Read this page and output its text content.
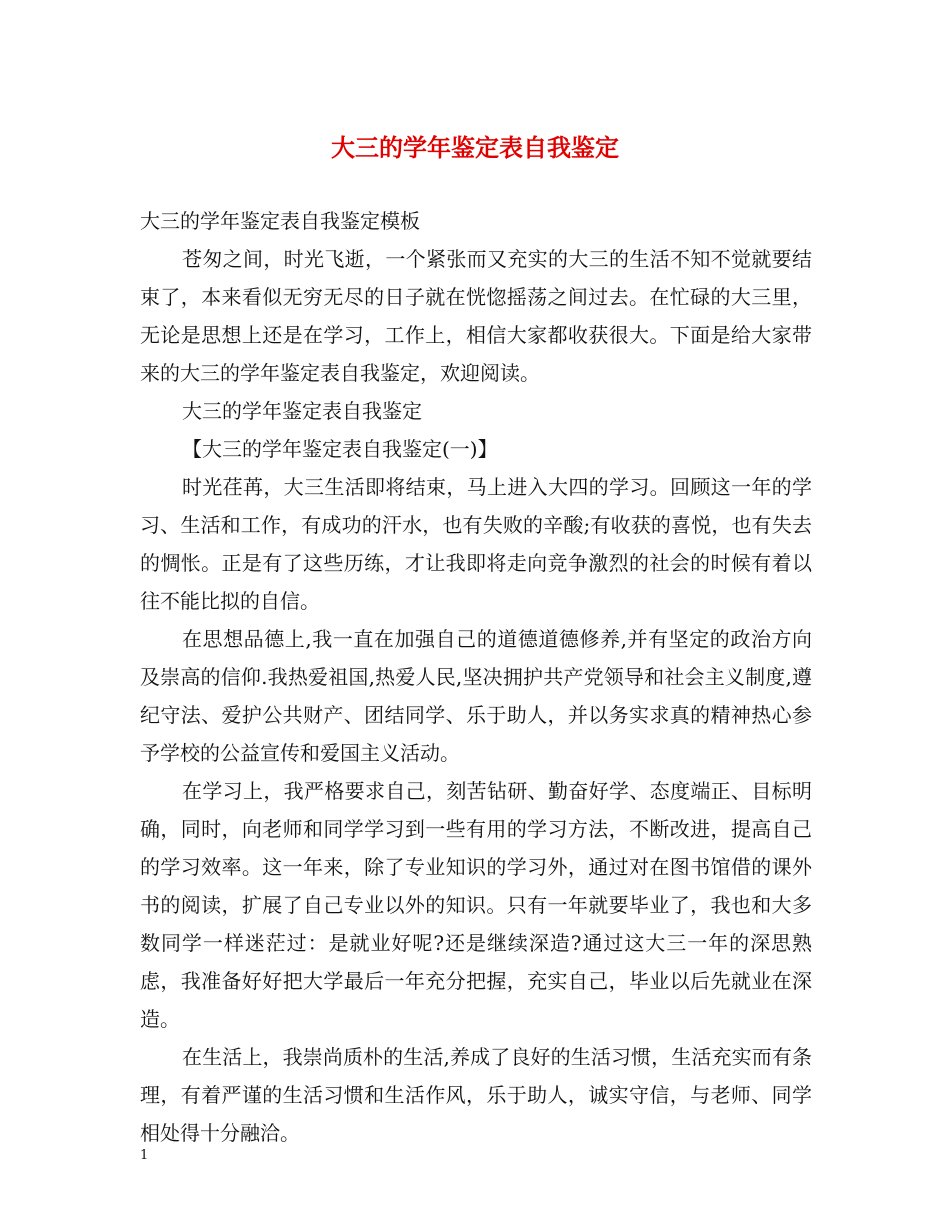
大三的学年鉴定表自我鉴定

大三的学年鉴定表自我鉴定模板

苍匆之间，时光飞逝，一个紧张而又充实的大三的生活不知不觉就要结束了，本来看似无穷无尽的日子就在恍惚摇荡之间过去。在忙碌的大三里，无论是思想上还是在学习，工作上，相信大家都收获很大。下面是给大家带来的大三的学年鉴定表自我鉴定，欢迎阅读。

大三的学年鉴定表自我鉴定

【大三的学年鉴定表自我鉴定(一)】

时光荏苒，大三生活即将结束，马上进入大四的学习。回顾这一年的学习、生活和工作，有成功的汗水，也有失败的辛酸;有收获的喜悦，也有失去的惆怅。正是有了这些历练，才让我即将走向竞争激烈的社会的时候有着以往不能比拟的自信。

在思想品德上,我一直在加强自己的道德道德修养,并有坚定的政治方向及崇高的信仰.我热爱祖国,热爱人民,坚决拥护共产党领导和社会主义制度,遵纪守法、爱护公共财产、团结同学、乐于助人，并以务实求真的精神热心参予学校的公益宣传和爱国主义活动。

在学习上，我严格要求自己，刻苦钻研、勤奋好学、态度端正、目标明确，同时，向老师和同学学习到一些有用的学习方法，不断改进，提高自己的学习效率。这一年来，除了专业知识的学习外，通过对在图书馆借的课外书的阅读，扩展了自己专业以外的知识。只有一年就要毕业了，我也和大多数同学一样迷茫过：是就业好呢?还是继续深造?通过这大三一年的深思熟虑，我准备好好把大学最后一年充分把握，充实自己，毕业以后先就业在深造。

在生活上，我崇尚质朴的生活,养成了良好的生活习惯，生活充实而有条理，有着严谨的生活习惯和生活作风，乐于助人，诚实守信，与老师、同学相处得十分融洽。

1
